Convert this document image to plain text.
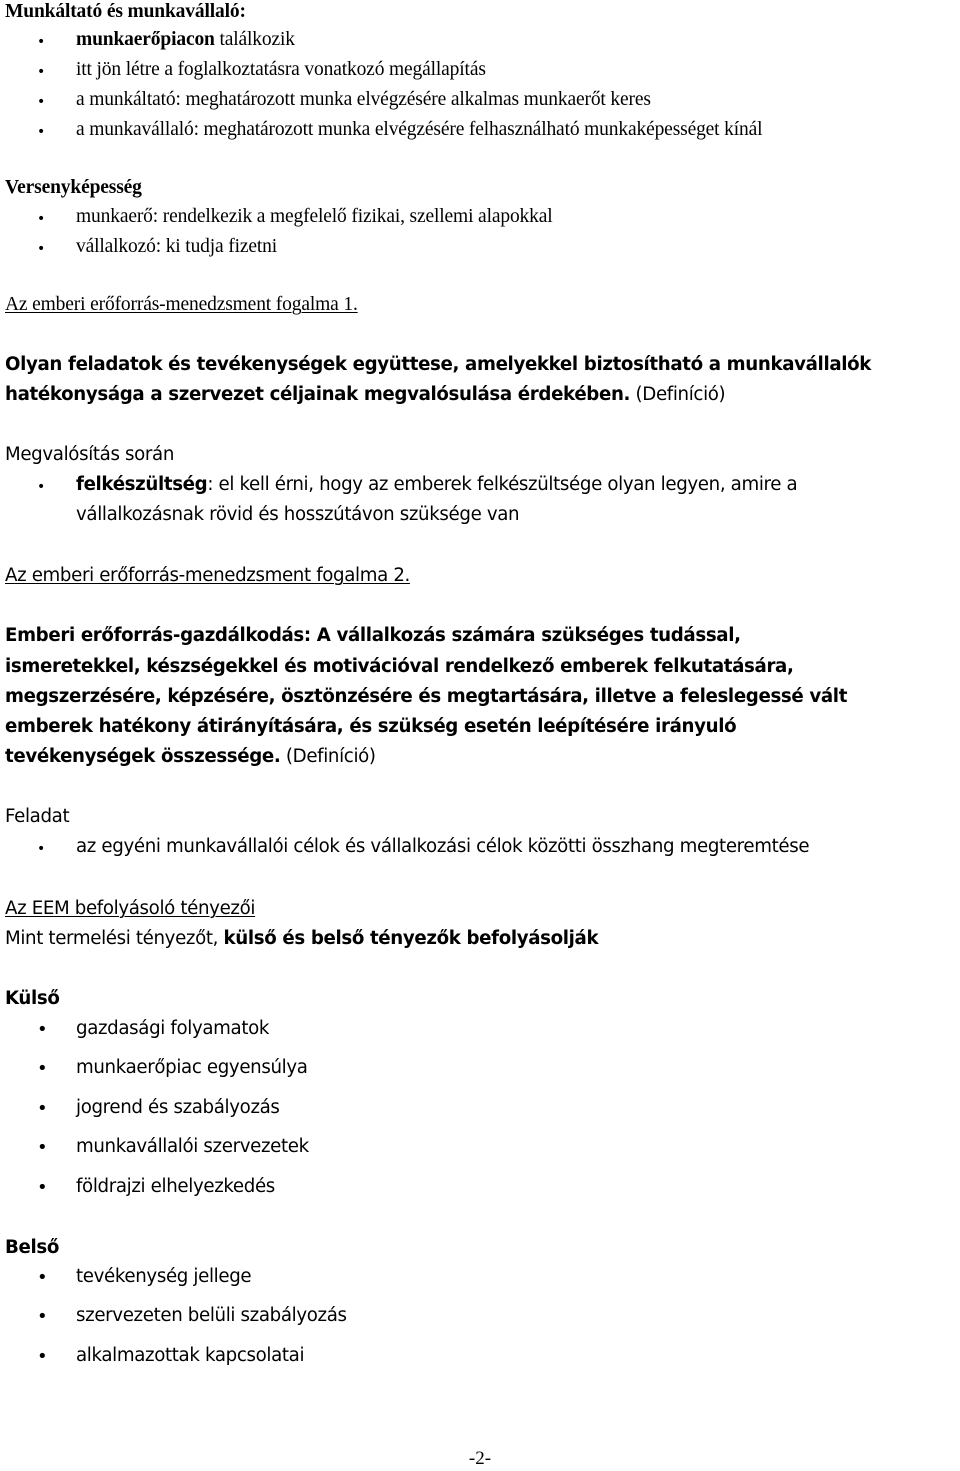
Munkáltató és munkavállaló:
• munkaerőpiacon találkozik
• itt jön létre a foglalkoztatásra vonatkozó megállapítás
• a munkáltató: meghatározott munka elvégzésére alkalmas munkaerőt keres
• a munkavállaló: meghatározott munka elvégzésére felhasználható munkaképességet kínál
Versenyképesség
• munkaerő: rendelkezik a megfelelő fizikai, szellemi alapokkal
• vállalkozó: ki tudja fizetni
Az emberi erőforrás-menedzsment fogalma 1.
Olyan feladatok és tevékenységek együttese, amelyekkel biztosítható a munkavállalók
hatékonysága a szervezet céljainak megvalósulása érdekében. (Definíció)
Megvalósítás során
• felkészültség: el kell érni, hogy az emberek felkészültsége olyan legyen, amire a
vállalkozásnak rövid és hosszútávon szüksége van
Az emberi erőforrás-menedzsment fogalma 2.
Emberi erőforrás-gazdálkodás: A vállalkozás számára szükséges tudással,
ismeretekkel, készségekkel és motivációval rendelkező emberek felkutatására,
megszerzésére, képzésére, ösztönzésére és megtartására, illetve a feleslegessé vált
emberek hatékony átirányítására, és szükség esetén leépítésére irányuló
tevékenységek összessége. (Definíció)
Feladat
• az egyéni munkavállalói célok és vállalkozási célok közötti összhang megteremtése
Az EEM befolyásoló tényezői
Mint termelési tényezőt, külső és belső tényezők befolyásolják
Külső
• gazdasági folyamatok
• munkaerőpiac egyensúlya
• jogrend és szabályozás
• munkavállalói szervezetek
• földrajzi elhelyezkedés
Belső
• tevékenység jellege
• szervezeten belüli szabályozás
• alkalmazottak kapcsolatai
-2-
